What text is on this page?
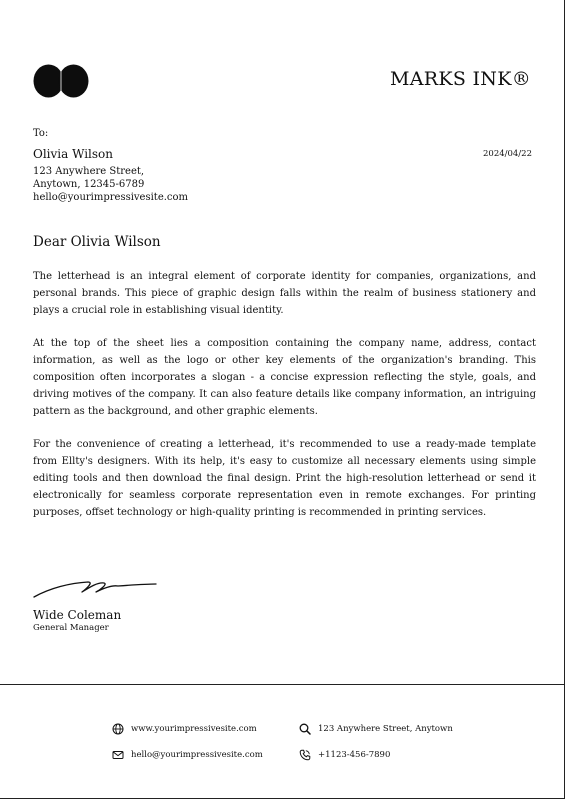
MARKS INK®
To:
Olivia Wilson	2024/04/22
123 Anywhere Street,
Anytown, 12345-6789
hello@yourimpressivesite.com
Dear Olivia Wilson

The letterhead is an integral element of corporate identity for companies, organizations, and personal brands. This piece of graphic design falls within the realm of business stationery and plays a crucial role in establishing visual identity.

At the top of the sheet lies a composition containing the company name, address, contact information, as well as the logo or other key elements of the organization's branding. This composition often incorporates a slogan - a concise expression reflecting the style, goals, and driving motives of the company. It can also feature details like company information, an intriguing pattern as the background, and other graphic elements.

For the convenience of creating a letterhead, it's recommended to use a ready-made template from Ellty's designers. With its help, it's easy to customize all necessary elements using simple editing tools and then download the final design. Print the high-resolution letterhead or send it electronically for seamless corporate representation even in remote exchanges. For printing purposes, offset technology or high-quality printing is recommended in printing services.

Wide Coleman
General Manager
www.yourimpressivesite.com	123 Anywhere Street, Anytown
hello@yourimpressivesite.com	+1123-456-7890
